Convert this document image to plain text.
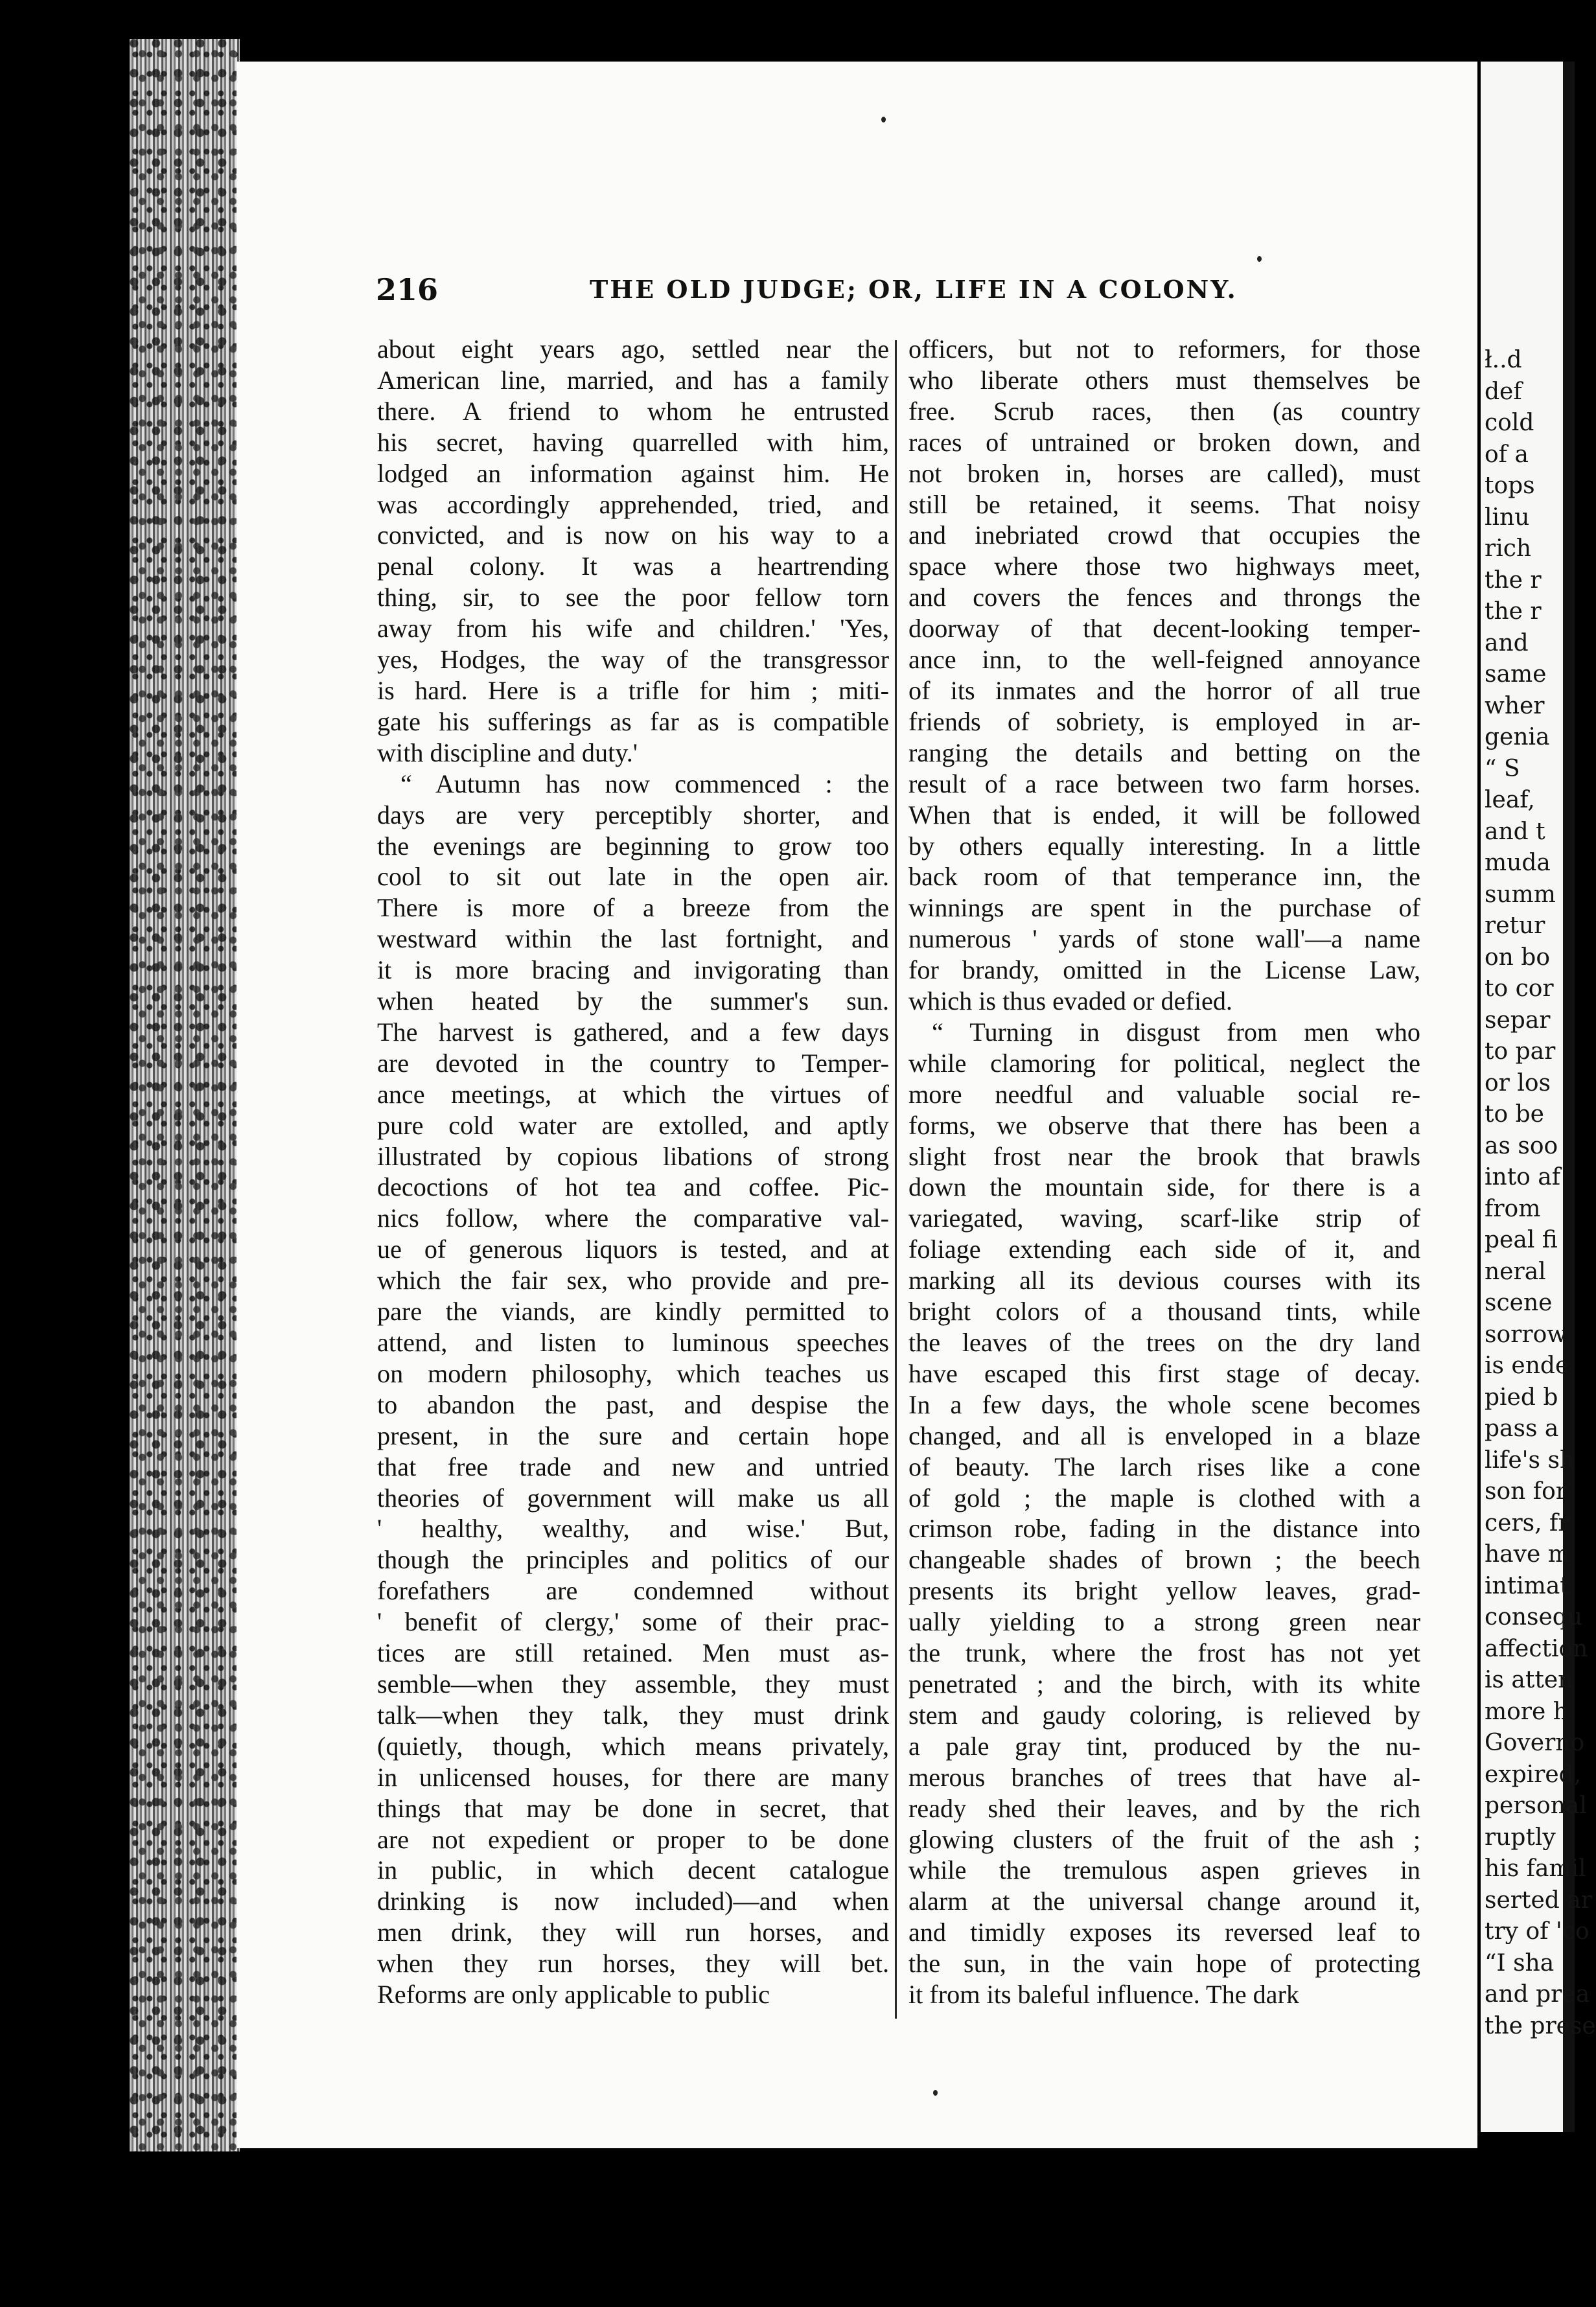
ł..d
def
cold
of a
tops
linu
rich
the r
the r
and
same
wher
genia
“ S
leaf,
and t
muda
summ
retur
on bo
to cor
separ
to par
or los
to be
as soo
into af
from
peal fi
neral
scene
sorrow
is ende
pied b
pass a
life's sh
son for
cers, fr
have m
intimat
consequ
affection
is atten
more h
Governo
expired,
personal
ruptly
his famil
serted ar
try of 'co
“I sha
and prea
the prese
216	THE OLD JUDGE; OR, LIFE IN A COLONY.
about eight years ago, settled near the
American line, married, and has a family
there. A friend to whom he entrusted
his secret, having quarrelled with him,
lodged an information against him. He
was accordingly apprehended, tried, and
convicted, and is now on his way to a
penal colony. It was a heartrending
thing, sir, to see the poor fellow torn
away from his wife and children.' 'Yes,
yes, Hodges, the way of the transgressor
is hard. Here is a trifle for him ; miti-
gate his sufferings as far as is compatible
with discipline and duty.'
“ Autumn has now commenced : the
days are very perceptibly shorter, and
the evenings are beginning to grow too
cool to sit out late in the open air.
There is more of a breeze from the
westward within the last fortnight, and
it is more bracing and invigorating than
when heated by the summer's sun.
The harvest is gathered, and a few days
are devoted in the country to Temper-
ance meetings, at which the virtues of
pure cold water are extolled, and aptly
illustrated by copious libations of strong
decoctions of hot tea and coffee. Pic-
nics follow, where the comparative val-
ue of generous liquors is tested, and at
which the fair sex, who provide and pre-
pare the viands, are kindly permitted to
attend, and listen to luminous speeches
on modern philosophy, which teaches us
to abandon the past, and despise the
present, in the sure and certain hope
that free trade and new and untried
theories of government will make us all
' healthy, wealthy, and wise.' But,
though the principles and politics of our
forefathers are condemned without
' benefit of clergy,' some of their prac-
tices are still retained. Men must as-
semble—when they assemble, they must
talk—when they talk, they must drink
(quietly, though, which means privately,
in unlicensed houses, for there are many
things that may be done in secret, that
are not expedient or proper to be done
in public, in which decent catalogue
drinking is now included)—and when
men drink, they will run horses, and
when they run horses, they will bet.
Reforms are only applicable to public
officers, but not to reformers, for those
who liberate others must themselves be
free. Scrub races, then (as country
races of untrained or broken down, and
not broken in, horses are called), must
still be retained, it seems. That noisy
and inebriated crowd that occupies the
space where those two highways meet,
and covers the fences and throngs the
doorway of that decent-looking temper-
ance inn, to the well-feigned annoyance
of its inmates and the horror of all true
friends of sobriety, is employed in ar-
ranging the details and betting on the
result of a race between two farm horses.
When that is ended, it will be followed
by others equally interesting. In a little
back room of that temperance inn, the
winnings are spent in the purchase of
numerous ' yards of stone wall'—a name
for brandy, omitted in the License Law,
which is thus evaded or defied.
“ Turning in disgust from men who
while clamoring for political, neglect the
more needful and valuable social re-
forms, we observe that there has been a
slight frost near the brook that brawls
down the mountain side, for there is a
variegated, waving, scarf-like strip of
foliage extending each side of it, and
marking all its devious courses with its
bright colors of a thousand tints, while
the leaves of the trees on the dry land
have escaped this first stage of decay.
In a few days, the whole scene becomes
changed, and all is enveloped in a blaze
of beauty. The larch rises like a cone
of gold ; the maple is clothed with a
crimson robe, fading in the distance into
changeable shades of brown ; the beech
presents its bright yellow leaves, grad-
ually yielding to a strong green near
the trunk, where the frost has not yet
penetrated ; and the birch, with its white
stem and gaudy coloring, is relieved by
a pale gray tint, produced by the nu-
merous branches of trees that have al-
ready shed their leaves, and by the rich
glowing clusters of the fruit of the ash ;
while the tremulous aspen grieves in
alarm at the universal change around it,
and timidly exposes its reversed leaf to
the sun, in the vain hope of protecting
it from its baleful influence. The dark
